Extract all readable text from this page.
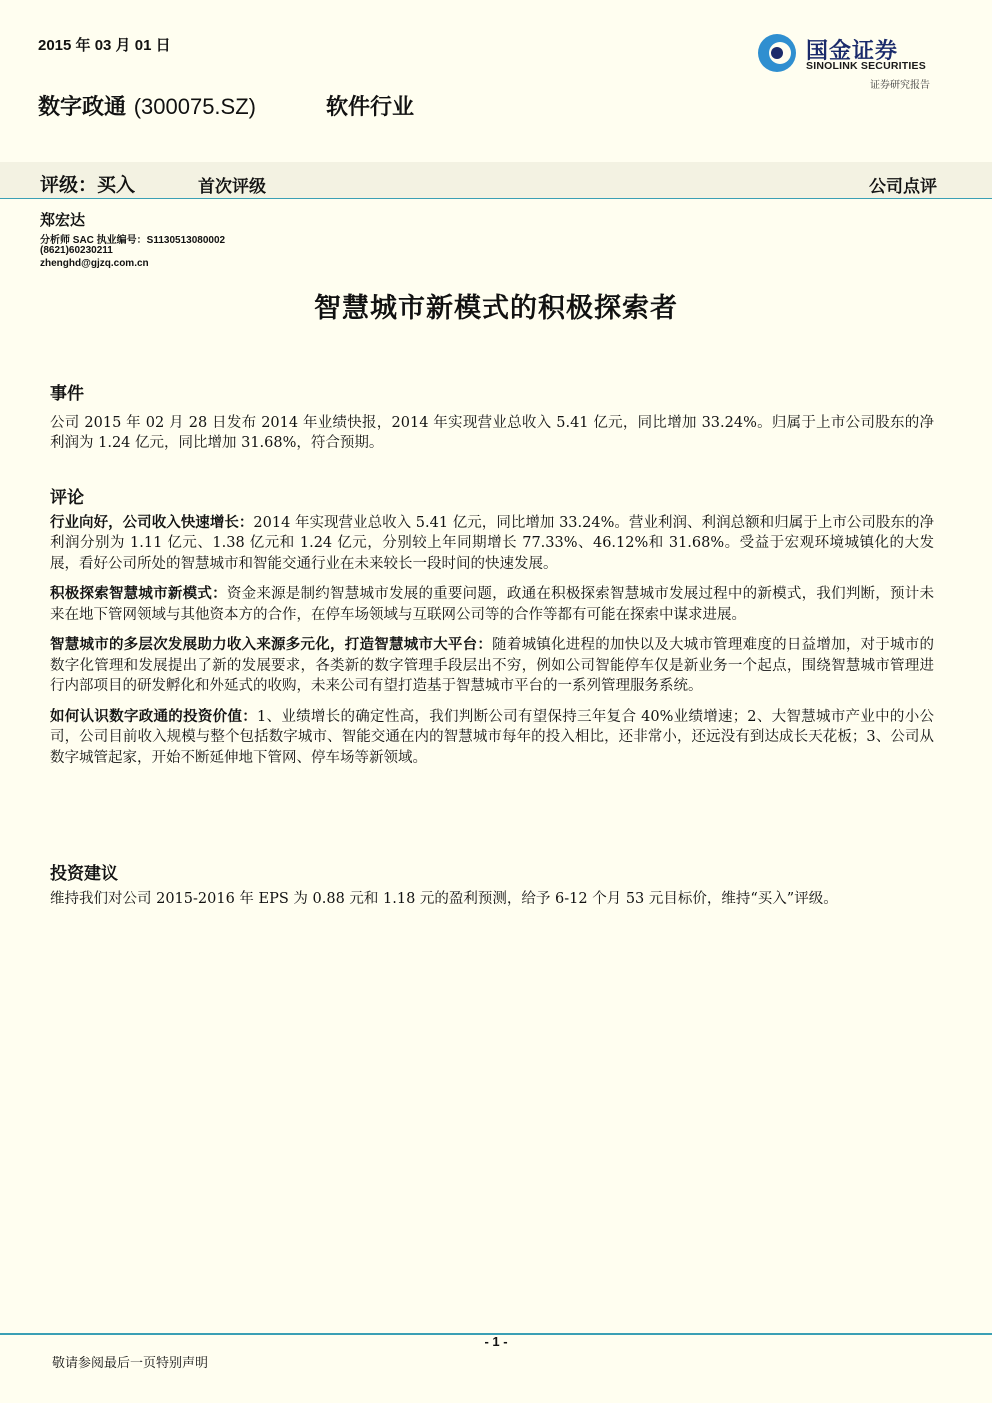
2015 年 03 月 01 日	国金证券
SINOLINK SECURITIES
证券研究报告
数字政通 (300075.SZ)	软件行业
评级：买入	首次评级	公司点评
郑宏达
分析师 SAC 执业编号：S1130513080002
(8621)60230211
zhenghd@gjzq.com.cn
智慧城市新模式的积极探索者
事件

公司 2015 年 02 月 28 日发布 2014 年业绩快报，2014 年实现营业总收入 5.41 亿元，同比增加 33.24%。归属于上市公司股东的净利润为 1.24 亿元，同比增加 31.68%，符合预期。

评论

行业向好，公司收入快速增长：2014 年实现营业总收入 5.41 亿元，同比增加 33.24%。营业利润、利润总额和归属于上市公司股东的净利润分别为 1.11 亿元、1.38 亿元和 1.24 亿元，分别较上年同期增长 77.33%、46.12%和 31.68%。受益于宏观环境城镇化的大发展，看好公司所处的智慧城市和智能交通行业在未来较长一段时间的快速发展。

积极探索智慧城市新模式：资金来源是制约智慧城市发展的重要问题，政通在积极探索智慧城市发展过程中的新模式，我们判断，预计未来在地下管网领域与其他资本方的合作，在停车场领域与互联网公司等的合作等都有可能在探索中谋求进展。

智慧城市的多层次发展助力收入来源多元化，打造智慧城市大平台：随着城镇化进程的加快以及大城市管理难度的日益增加，对于城市的数字化管理和发展提出了新的发展要求，各类新的数字管理手段层出不穷，例如公司智能停车仅是新业务一个起点，围绕智慧城市管理进行内部项目的研发孵化和外延式的收购，未来公司有望打造基于智慧城市平台的一系列管理服务系统。

如何认识数字政通的投资价值：1、业绩增长的确定性高，我们判断公司有望保持三年复合 40%业绩增速；2、大智慧城市产业中的小公司，公司目前收入规模与整个包括数字城市、智能交通在内的智慧城市每年的投入相比，还非常小，还远没有到达成长天花板；3、公司从数字城管起家，开始不断延伸地下管网、停车场等新领域。

投资建议

维持我们对公司 2015-2016 年 EPS 为 0.88 元和 1.18 元的盈利预测，给予 6-12 个月 53 元目标价，维持“买入”评级。

- 1 -
敬请参阅最后一页特别声明
